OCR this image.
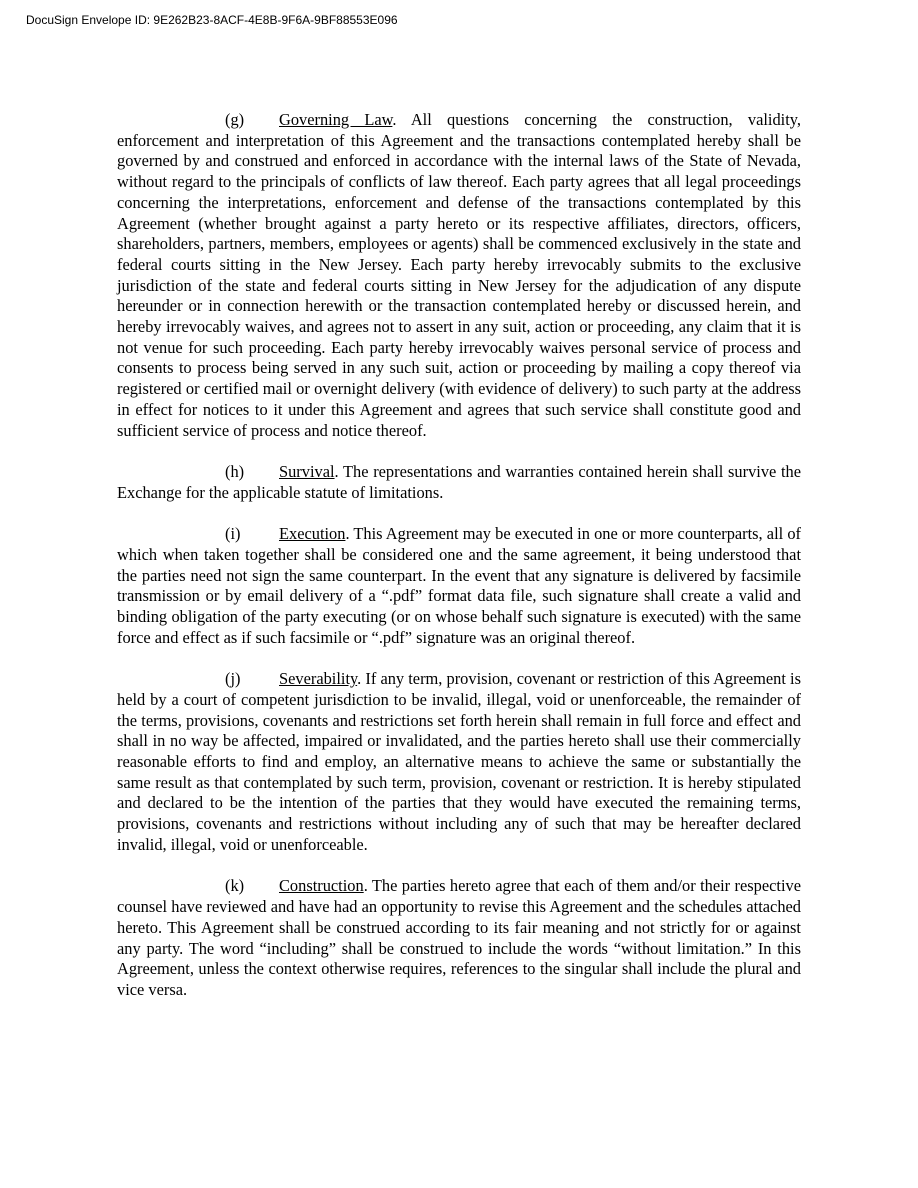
DocuSign Envelope ID: 9E262B23-8ACF-4E8B-9F6A-9BF88553E096

(g) Governing Law. All questions concerning the construction, validity, enforcement and interpretation of this Agreement and the transactions contemplated hereby shall be governed by and construed and enforced in accordance with the internal laws of the State of Nevada, without regard to the principals of conflicts of law thereof. Each party agrees that all legal proceedings concerning the interpretations, enforcement and defense of the transactions contemplated by this Agreement (whether brought against a party hereto or its respective affiliates, directors, officers, shareholders, partners, members, employees or agents) shall be commenced exclusively in the state and federal courts sitting in the New Jersey. Each party hereby irrevocably submits to the exclusive jurisdiction of the state and federal courts sitting in New Jersey for the adjudication of any dispute hereunder or in connection herewith or the transaction contemplated hereby or discussed herein, and hereby irrevocably waives, and agrees not to assert in any suit, action or proceeding, any claim that it is not venue for such proceeding. Each party hereby irrevocably waives personal service of process and consents to process being served in any such suit, action or proceeding by mailing a copy thereof via registered or certified mail or overnight delivery (with evidence of delivery) to such party at the address in effect for notices to it under this Agreement and agrees that such service shall constitute good and sufficient service of process and notice thereof.

(h) Survival. The representations and warranties contained herein shall survive the Exchange for the applicable statute of limitations.

(i) Execution. This Agreement may be executed in one or more counterparts, all of which when taken together shall be considered one and the same agreement, it being understood that the parties need not sign the same counterpart. In the event that any signature is delivered by facsimile transmission or by email delivery of a “.pdf” format data file, such signature shall create a valid and binding obligation of the party executing (or on whose behalf such signature is executed) with the same force and effect as if such facsimile or “.pdf” signature was an original thereof.

(j) Severability. If any term, provision, covenant or restriction of this Agreement is held by a court of competent jurisdiction to be invalid, illegal, void or unenforceable, the remainder of the terms, provisions, covenants and restrictions set forth herein shall remain in full force and effect and shall in no way be affected, impaired or invalidated, and the parties hereto shall use their commercially reasonable efforts to find and employ, an alternative means to achieve the same or substantially the same result as that contemplated by such term, provision, covenant or restriction. It is hereby stipulated and declared to be the intention of the parties that they would have executed the remaining terms, provisions, covenants and restrictions without including any of such that may be hereafter declared invalid, illegal, void or unenforceable.

(k) Construction. The parties hereto agree that each of them and/or their respective counsel have reviewed and have had an opportunity to revise this Agreement and the schedules attached hereto. This Agreement shall be construed according to its fair meaning and not strictly for or against any party. The word “including” shall be construed to include the words “without limitation.” In this Agreement, unless the context otherwise requires, references to the singular shall include the plural and vice versa.
